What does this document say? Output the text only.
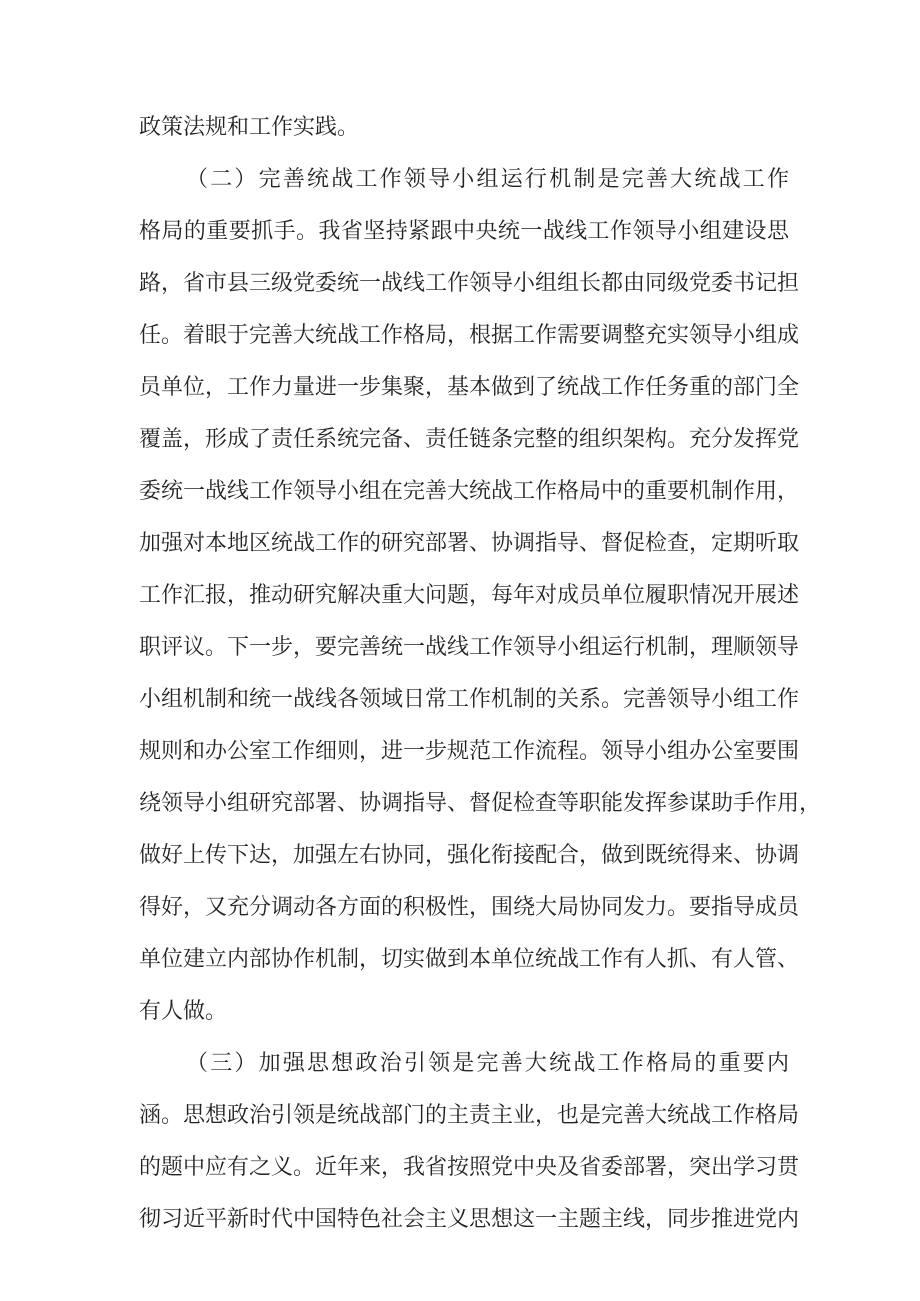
政策法规和工作实践。
（二）完善统战工作领导小组运行机制是完善大统战工作
格局的重要抓手。我省坚持紧跟中央统一战线工作领导小组建设思
路，省市县三级党委统一战线工作领导小组组长都由同级党委书记担
任。着眼于完善大统战工作格局，根据工作需要调整充实领导小组成
员单位，工作力量进一步集聚，基本做到了统战工作任务重的部门全
覆盖，形成了责任系统完备、责任链条完整的组织架构。充分发挥党
委统一战线工作领导小组在完善大统战工作格局中的重要机制作用，
加强对本地区统战工作的研究部署、协调指导、督促检查，定期听取
工作汇报，推动研究解决重大问题，每年对成员单位履职情况开展述
职评议。下一步，要完善统一战线工作领导小组运行机制，理顺领导
小组机制和统一战线各领域日常工作机制的关系。完善领导小组工作
规则和办公室工作细则，进一步规范工作流程。领导小组办公室要围
绕领导小组研究部署、协调指导、督促检查等职能发挥参谋助手作用，
做好上传下达，加强左右协同，强化衔接配合，做到既统得来、协调
得好，又充分调动各方面的积极性，围绕大局协同发力。要指导成员
单位建立内部协作机制，切实做到本单位统战工作有人抓、有人管、
有人做。
（三）加强思想政治引领是完善大统战工作格局的重要内
涵。思想政治引领是统战部门的主责主业，也是完善大统战工作格局
的题中应有之义。近年来，我省按照党中央及省委部署，突出学习贯
彻习近平新时代中国特色社会主义思想这一主题主线，同步推进党内
